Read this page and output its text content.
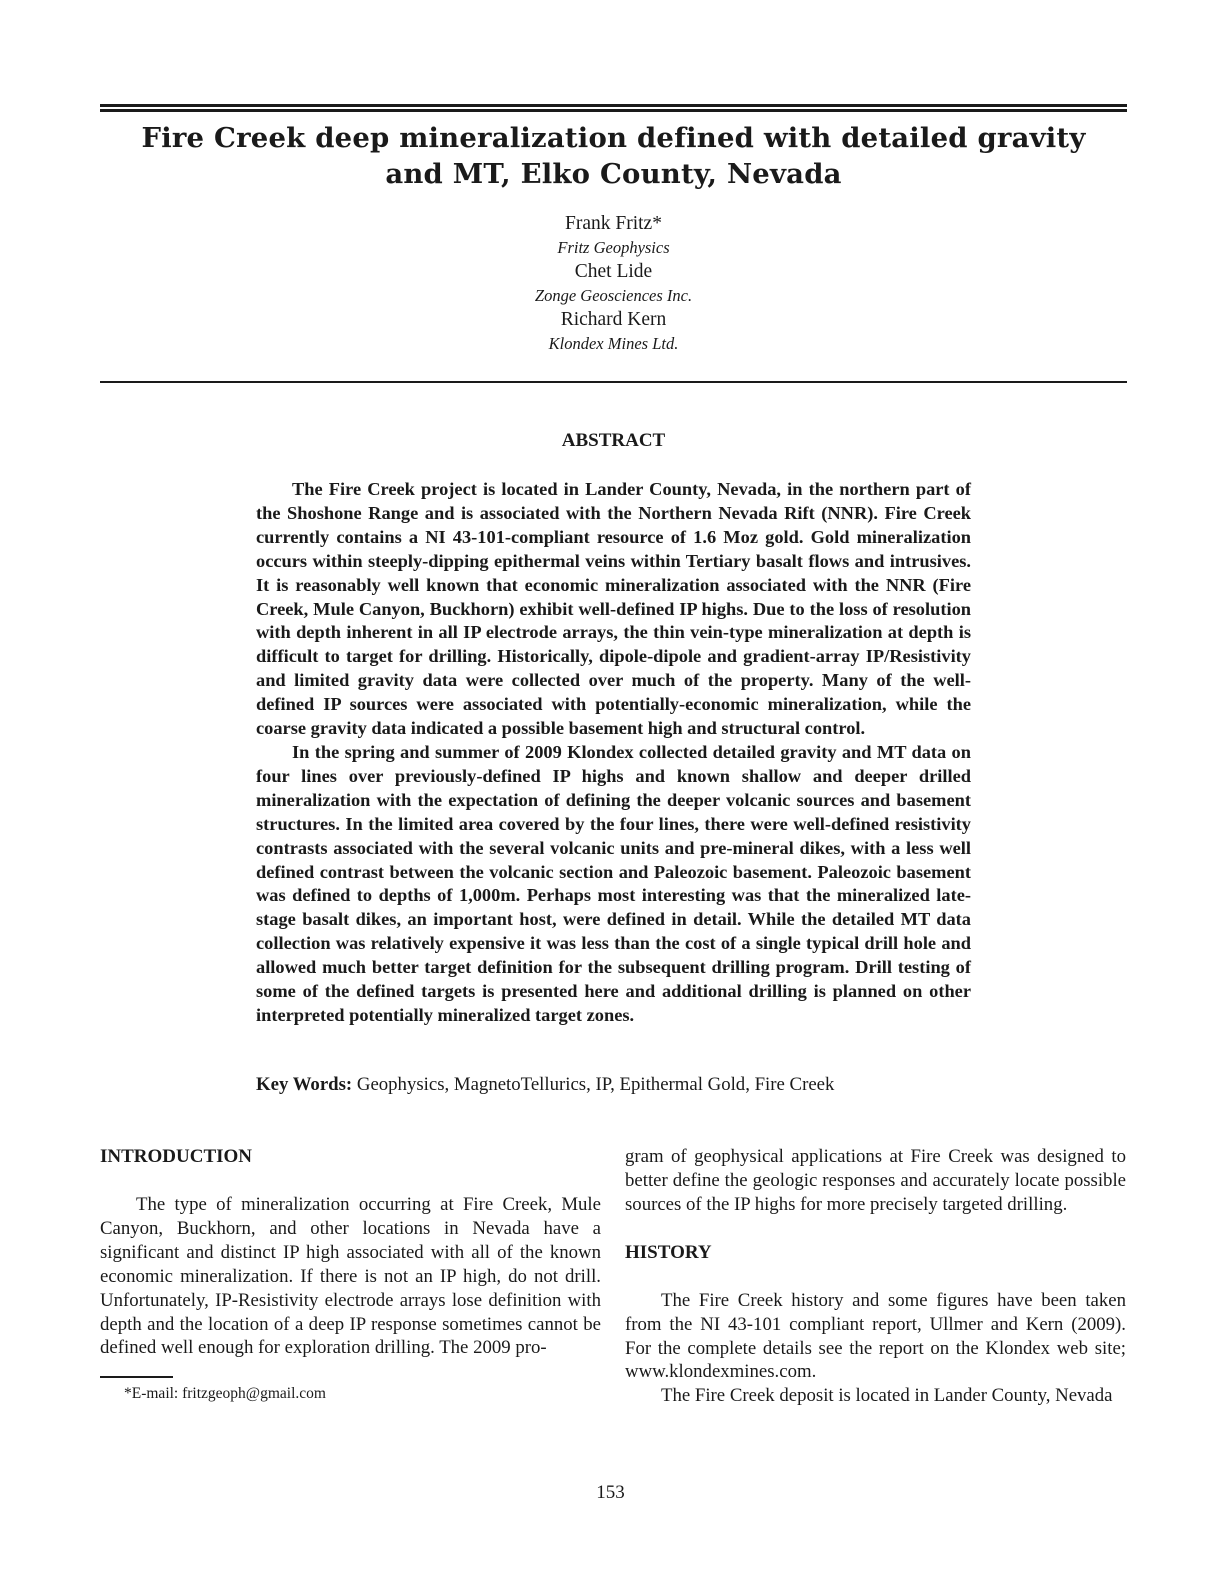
Fire Creek deep mineralization defined with detailed gravity
and MT, Elko County, Nevada
Frank Fritz*
Fritz Geophysics
Chet Lide
Zonge Geosciences Inc.
Richard Kern
Klondex Mines Ltd.
ABSTRACT

The Fire Creek project is located in Lander County, Nevada, in the northern part of the Shoshone Range and is associated with the Northern Nevada Rift (NNR). Fire Creek currently contains a NI 43-101-compliant resource of 1.6 Moz gold. Gold mineralization occurs within steeply-dipping epithermal veins within Tertiary basalt flows and intrusives. It is reasonably well known that economic mineralization associated with the NNR (Fire Creek, Mule Canyon, Buckhorn) exhibit well-defined IP highs. Due to the loss of resolution with depth inherent in all IP electrode arrays, the thin vein-type mineralization at depth is difficult to target for drilling. Historically, dipole-dipole and gradient-array IP/Resistivity and limited gravity data were collected over much of the property. Many of the well-defined IP sources were associated with potentially-economic mineralization, while the coarse gravity data indicated a possible basement high and structural control.

In the spring and summer of 2009 Klondex collected detailed gravity and MT data on four lines over previously-defined IP highs and known shallow and deeper drilled mineralization with the expectation of defining the deeper volcanic sources and basement structures. In the limited area covered by the four lines, there were well-defined resistivity contrasts associated with the several volcanic units and pre-mineral dikes, with a less well defined contrast between the volcanic section and Paleozoic basement. Paleozoic basement was defined to depths of 1,000m. Perhaps most interesting was that the mineralized late-stage basalt dikes, an important host, were defined in detail. While the detailed MT data collection was relatively expensive it was less than the cost of a single typical drill hole and allowed much better target definition for the subsequent drilling program. Drill testing of some of the defined targets is presented here and additional drilling is planned on other interpreted potentially mineralized target zones.

Key Words: Geophysics, MagnetoTellurics, IP, Epithermal Gold, Fire Creek
INTRODUCTION

The type of mineralization occurring at Fire Creek, Mule Canyon, Buckhorn, and other locations in Nevada have a significant and distinct IP high associated with all of the known economic mineralization. If there is not an IP high, do not drill. Unfortunately, IP-Resistivity electrode arrays lose definition with depth and the location of a deep IP response sometimes cannot be defined well enough for exploration drilling. The 2009 pro-

gram of geophysical applications at Fire Creek was designed to better define the geologic responses and accurately locate possible sources of the IP highs for more precisely targeted drilling.

HISTORY

The Fire Creek history and some figures have been taken from the NI 43-101 compliant report, Ullmer and Kern (2009). For the complete details see the report on the Klondex web site; www.klondexmines.com.

The Fire Creek deposit is located in Lander County, Nevada

*E-mail: fritzgeoph@gmail.com
153
